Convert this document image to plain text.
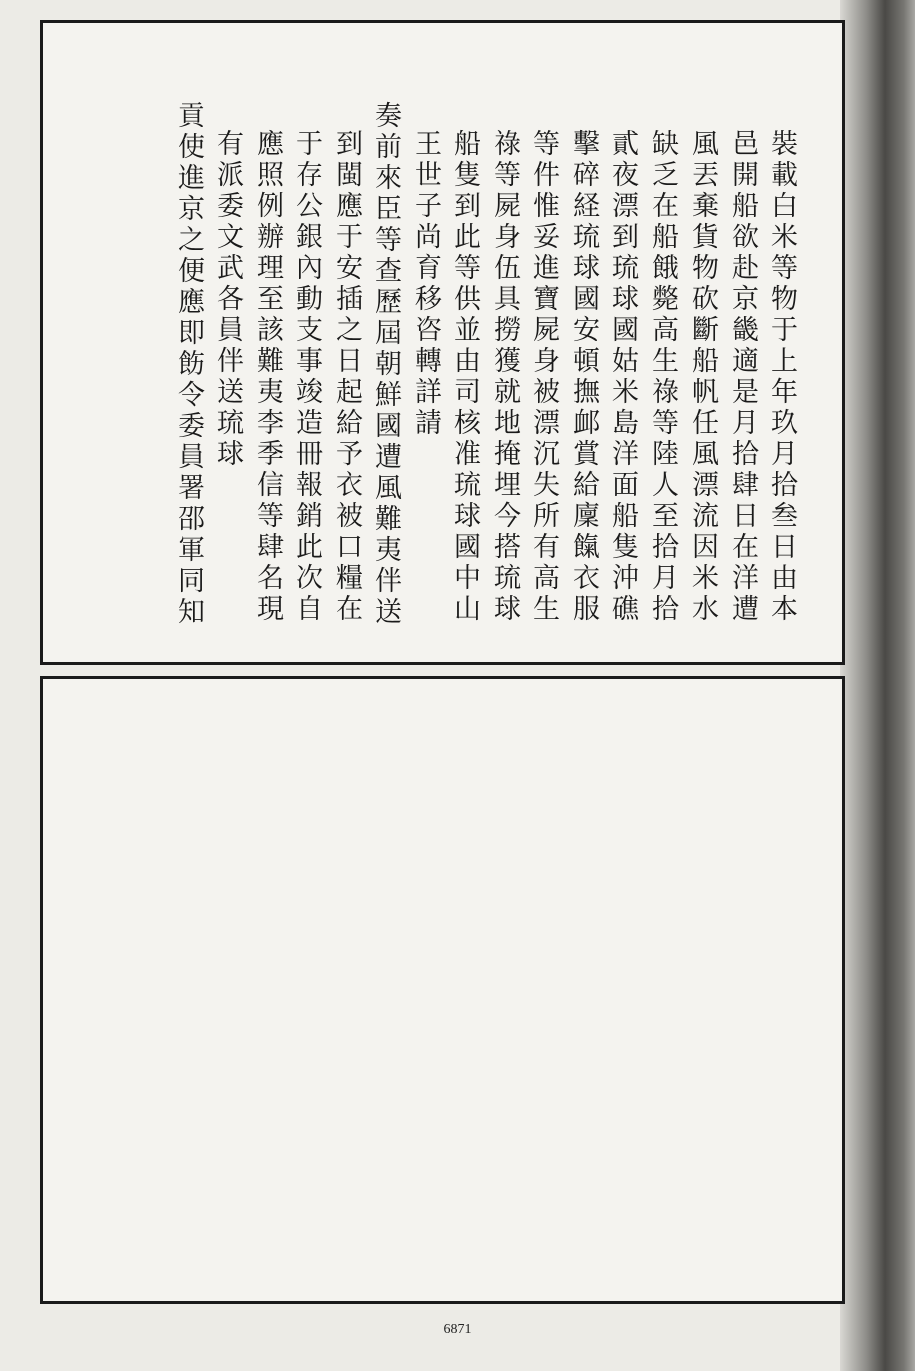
裝載白米等物于上年玖月拾叁日由本
邑開船欲赴京畿適是月拾肆日在洋遭
風丟棄貨物砍斷船帆任風漂流因米水
缺乏在船餓斃高生祿等陸人至拾月拾
貳夜漂到琉球國姑米島洋面船隻沖礁
擊碎経琉球國安頓撫䘏賞給廩餼衣服
等件惟妥進寶屍身被漂沉失所有高生
祿等屍身伍具撈獲就地掩埋今搭琉球
船隻到此等供並由司核准琉球國中山
王世子尚育移咨轉詳請
奏前來臣等查歷屆朝鮮國遭風難夷伴送
到閩應于安插之日起給予衣被口糧在
于存公銀內動支事竣造冊報銷此次自
應照例辦理至該難夷李季信等肆名現
有派委文武各員伴送琉球
貢使進京之便應即飭令委員署邵軍同知
6871
